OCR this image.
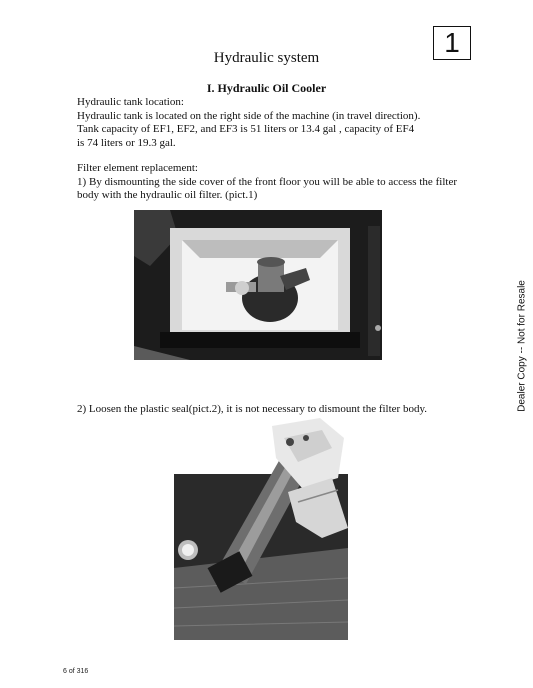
Hydraulic system	1
I. Hydraulic Oil Cooler

Hydraulic tank location:

Hydraulic tank is located on the right side of the machine (in travel direction).

Tank capacity of EF1, EF2, and EF3 is 51 liters or 13.4 gal , capacity of EF4

is 74 liters or 19.3 gal.

Filter element replacement:

1) By dismounting the side cover of the front floor you will be able to access the filter body with the hydraulic oil filter. (pict.1)

2) Loosen the plastic seal(pict.2), it is not necessary to dismount the filter body.	Dealer Copy -- Not for Resale
6 of 316
